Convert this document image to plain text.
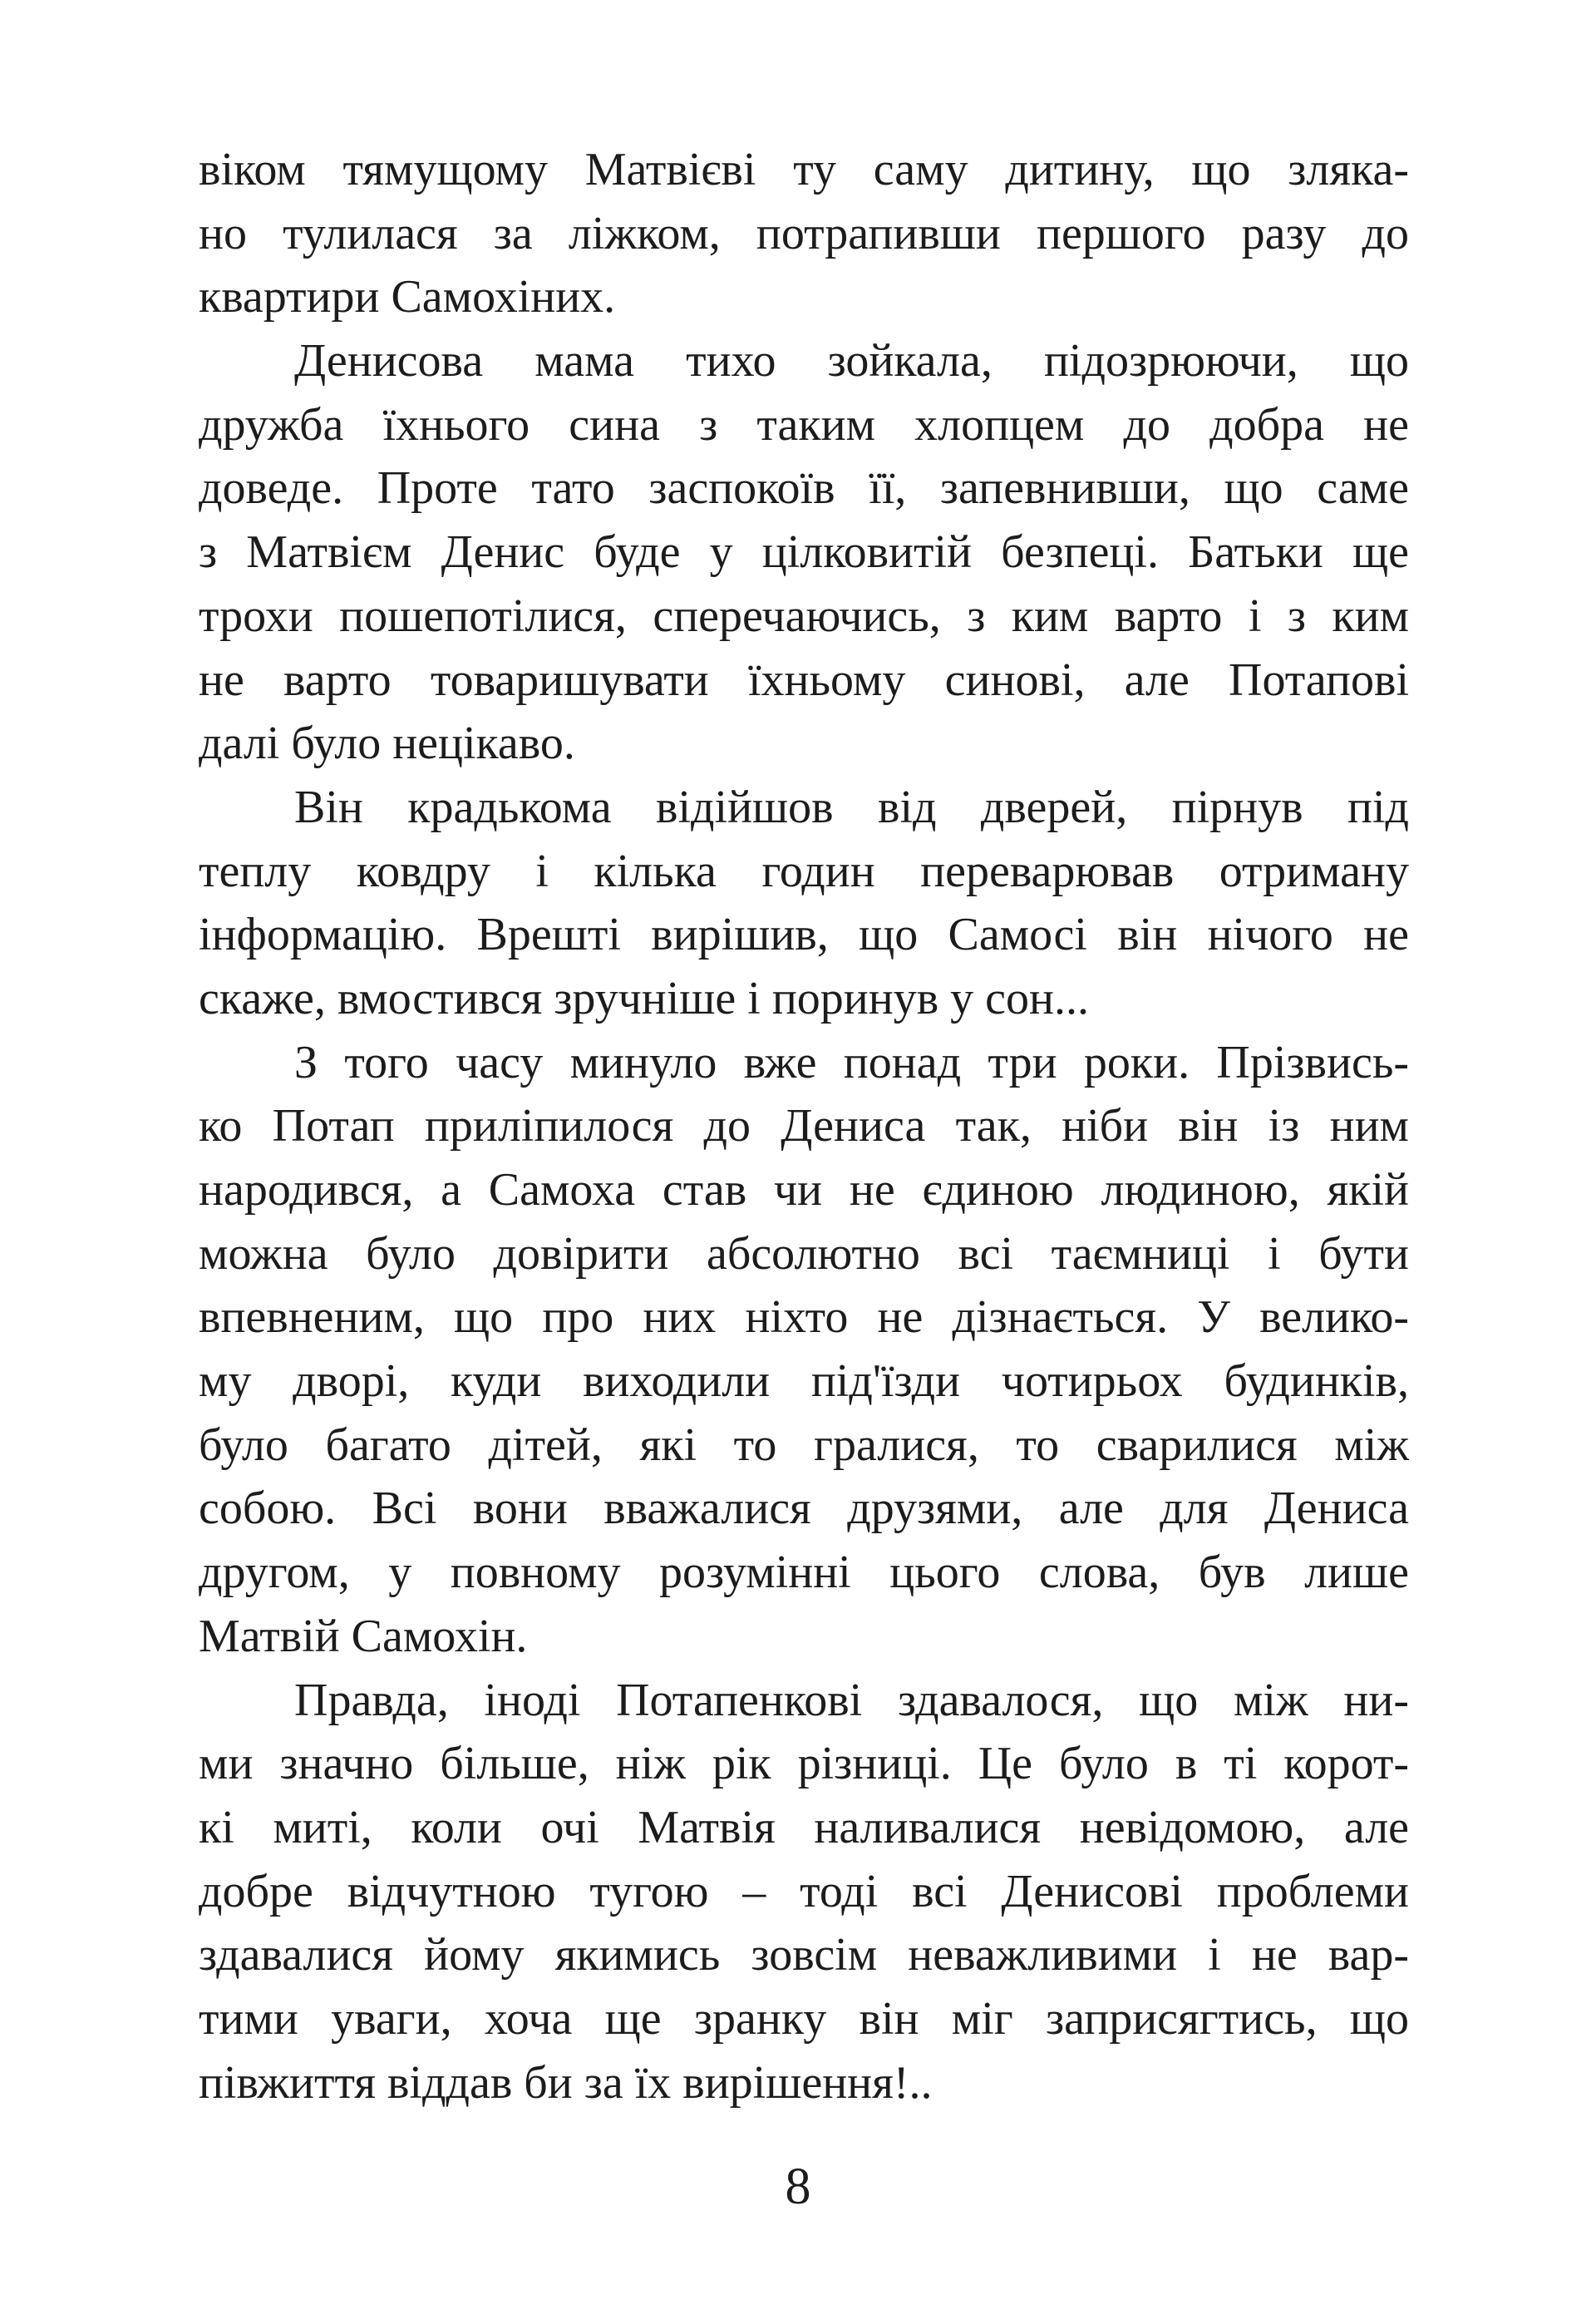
віком тямущому Матвієві ту саму дитину, що зляка-
но тулилася за ліжком, потрапивши першого разу до
квартири Самохіних.
Денисова мама тихо зойкала, підозрюючи, що
дружба їхнього сина з таким хлопцем до добра не
доведе. Проте тато заспокоїв її, запевнивши, що саме
з Матвієм Денис буде у цілковитій безпеці. Батьки ще
трохи пошепотілися, сперечаючись, з ким варто і з ким
не варто товаришувати їхньому синові, але Потапові
далі було нецікаво.
Він крадькома відійшов від дверей, пірнув під
теплу ковдру і кілька годин переварював отриману
інформацію. Врешті вирішив, що Самосі він нічого не
скаже, вмостився зручніше і поринув у сон...
З того часу минуло вже понад три роки. Прізвись-
ко Потап приліпилося до Дениса так, ніби він із ним
народився, а Самоха став чи не єдиною людиною, якій
можна було довірити абсолютно всі таємниці і бути
впевненим, що про них ніхто не дізнається. У велико-
му дворі, куди виходили під'їзди чотирьох будинків,
було багато дітей, які то гралися, то сварилися між
собою. Всі вони вважалися друзями, але для Дениса
другом, у повному розумінні цього слова, був лише
Матвій Самохін.
Правда, іноді Потапенкові здавалося, що між ни-
ми значно більше, ніж рік різниці. Це було в ті корот-
кі миті, коли очі Матвія наливалися невідомою, але
добре відчутною тугою – тоді всі Денисові проблеми
здавалися йому якимись зовсім неважливими і не вар-
тими уваги, хоча ще зранку він міг заприсягтись, що
півжиття віддав би за їх вирішення!..
8
